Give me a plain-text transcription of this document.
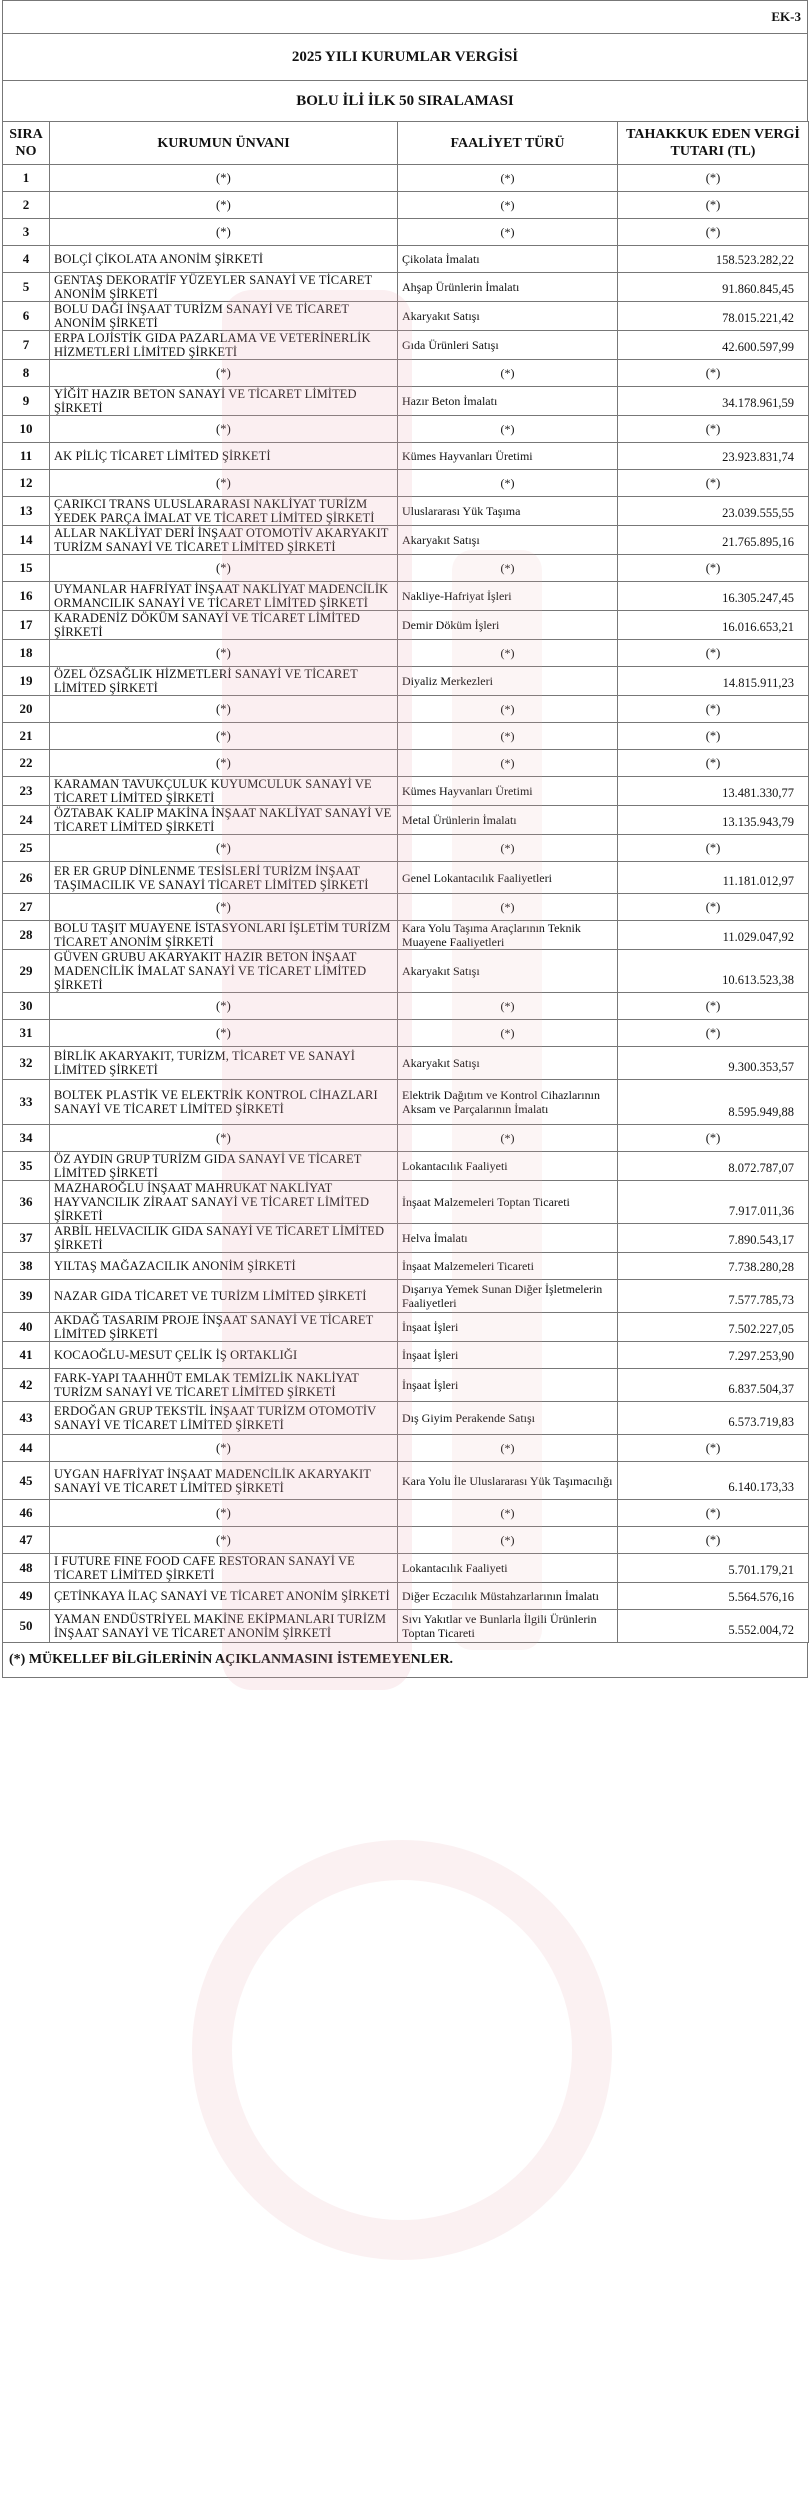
EK-3
2025 YILI KURUMLAR VERGİSİ
BOLU İLİ İLK 50 SIRALAMASI
SIRA NO	KURUMUN ÜNVANI	FAALİYET TÜRÜ	TAHAKKUK EDEN VERGİ TUTARI (TL)
1	(*)	(*)	(*)
2	(*)	(*)	(*)
3	(*)	(*)	(*)
4	BOLÇİ ÇİKOLATA ANONİM ŞİRKETİ	Çikolata İmalatı	158.523.282,22
5	GENTAŞ DEKORATİF YÜZEYLER SANAYİ VE TİCARET ANONİM ŞİRKETİ	Ahşap Ürünlerin İmalatı	91.860.845,45
6	BOLU DAĞI İNŞAAT TURİZM SANAYİ VE TİCARET ANONİM ŞİRKETİ	Akaryakıt Satışı	78.015.221,42
7	ERPA LOJİSTİK GIDA PAZARLAMA VE VETERİNERLİK HİZMETLERİ LİMİTED ŞİRKETİ	Gıda Ürünleri Satışı	42.600.597,99
8	(*)	(*)	(*)
9	YİĞİT HAZIR BETON SANAYİ VE TİCARET LİMİTED ŞİRKETİ	Hazır Beton İmalatı	34.178.961,59
10	(*)	(*)	(*)
11	AK PİLİÇ TİCARET LİMİTED ŞİRKETİ	Kümes Hayvanları Üretimi	23.923.831,74
12	(*)	(*)	(*)
13	ÇARIKCI TRANS ULUSLARARASI NAKLİYAT TURİZM YEDEK PARÇA İMALAT VE TİCARET LİMİTED ŞİRKETİ	Uluslararası Yük Taşıma	23.039.555,55
14	ALLAR NAKLİYAT DERİ İNŞAAT OTOMOTİV AKARYAKIT TURİZM SANAYİ VE TİCARET LİMİTED ŞİRKETİ	Akaryakıt Satışı	21.765.895,16
15	(*)	(*)	(*)
16	UYMANLAR HAFRİYAT İNŞAAT NAKLİYAT MADENCİLİK ORMANCILIK SANAYİ VE TİCARET LİMİTED ŞİRKETİ	Nakliye-Hafriyat İşleri	16.305.247,45
17	KARADENİZ DÖKÜM SANAYİ VE TİCARET LİMİTED ŞİRKETİ	Demir Döküm İşleri	16.016.653,21
18	(*)	(*)	(*)
19	ÖZEL ÖZSAĞLIK HİZMETLERİ SANAYİ VE TİCARET LİMİTED ŞİRKETİ	Diyaliz Merkezleri	14.815.911,23
20	(*)	(*)	(*)
21	(*)	(*)	(*)
22	(*)	(*)	(*)
23	KARAMAN TAVUKÇULUK KUYUMCULUK SANAYİ VE TİCARET LİMİTED ŞİRKETİ	Kümes Hayvanları Üretimi	13.481.330,77
24	ÖZTABAK KALIP MAKİNA İNŞAAT NAKLİYAT SANAYİ VE TİCARET LİMİTED ŞİRKETİ	Metal Ürünlerin İmalatı	13.135.943,79
25	(*)	(*)	(*)
26	ER ER GRUP DİNLENME TESİSLERİ TURİZM İNŞAAT TAŞIMACILIK VE SANAYİ TİCARET LİMİTED ŞİRKETİ	Genel Lokantacılık Faaliyetleri	11.181.012,97
27	(*)	(*)	(*)
28	BOLU TAŞIT MUAYENE İSTASYONLARI İŞLETİM TURİZM TİCARET ANONİM ŞİRKETİ	Kara Yolu Taşıma Araçlarının Teknik Muayene Faaliyetleri	11.029.047,92
29	GÜVEN GRUBU AKARYAKIT HAZIR BETON İNŞAAT MADENCİLİK İMALAT SANAYİ VE TİCARET LİMİTED ŞİRKETİ	Akaryakıt Satışı	10.613.523,38
30	(*)	(*)	(*)
31	(*)	(*)	(*)
32	BİRLİK AKARYAKIT, TURİZM, TİCARET VE SANAYİ LİMİTED ŞİRKETİ	Akaryakıt Satışı	9.300.353,57
33	BOLTEK PLASTİK VE ELEKTRİK KONTROL CİHAZLARI SANAYİ VE TİCARET LİMİTED ŞİRKETİ	Elektrik Dağıtım ve Kontrol Cihazlarının Aksam ve Parçalarının İmalatı	8.595.949,88
34	(*)	(*)	(*)
35	ÖZ AYDIN GRUP TURİZM GIDA SANAYİ VE TİCARET LİMİTED ŞİRKETİ	Lokantacılık Faaliyeti	8.072.787,07
36	MAZHAROĞLU İNŞAAT MAHRUKAT NAKLİYAT HAYVANCILIK ZİRAAT SANAYİ VE TİCARET LİMİTED ŞİRKETİ	İnşaat Malzemeleri Toptan Ticareti	7.917.011,36
37	ARBİL HELVACILIK GIDA SANAYİ VE TİCARET LİMİTED ŞİRKETİ	Helva İmalatı	7.890.543,17
38	YILTAŞ MAĞAZACILIK ANONİM ŞİRKETİ	İnşaat Malzemeleri Ticareti	7.738.280,28
39	NAZAR GIDA TİCARET VE TURİZM LİMİTED ŞİRKETİ	Dışarıya Yemek Sunan Diğer İşletmelerin Faaliyetleri	7.577.785,73
40	AKDAĞ TASARIM PROJE İNŞAAT SANAYİ VE TİCARET LİMİTED ŞİRKETİ	İnşaat İşleri	7.502.227,05
41	KOCAOĞLU-MESUT ÇELİK İŞ ORTAKLIĞI	İnşaat İşleri	7.297.253,90
42	FARK-YAPI TAAHHÜT EMLAK TEMİZLİK NAKLİYAT TURİZM SANAYİ VE TİCARET LİMİTED ŞİRKETİ	İnşaat İşleri	6.837.504,37
43	ERDOĞAN GRUP TEKSTİL İNŞAAT TURİZM OTOMOTİV SANAYİ VE TİCARET LİMİTED ŞİRKETİ	Dış Giyim Perakende Satışı	6.573.719,83
44	(*)	(*)	(*)
45	UYGAN HAFRİYAT İNŞAAT MADENCİLİK AKARYAKIT SANAYİ VE TİCARET LİMİTED ŞİRKETİ	Kara Yolu İle Uluslararası Yük Taşımacılığı	6.140.173,33
46	(*)	(*)	(*)
47	(*)	(*)	(*)
48	I FUTURE FINE FOOD CAFE RESTORAN SANAYİ VE TİCARET LİMİTED ŞİRKETİ	Lokantacılık Faaliyeti	5.701.179,21
49	ÇETİNKAYA İLAÇ SANAYİ VE TİCARET ANONİM ŞİRKETİ	Diğer Eczacılık Müstahzarlarının İmalatı	5.564.576,16
50	YAMAN ENDÜSTRİYEL MAKİNE EKİPMANLARI TURİZM İNŞAAT SANAYİ VE TİCARET ANONİM ŞİRKETİ	Sıvı Yakıtlar ve Bunlarla İlgili Ürünlerin Toptan Ticareti	5.552.004,72
(*) MÜKELLEF BİLGİLERİNİN AÇIKLANMASINI İSTEMEYENLER.
